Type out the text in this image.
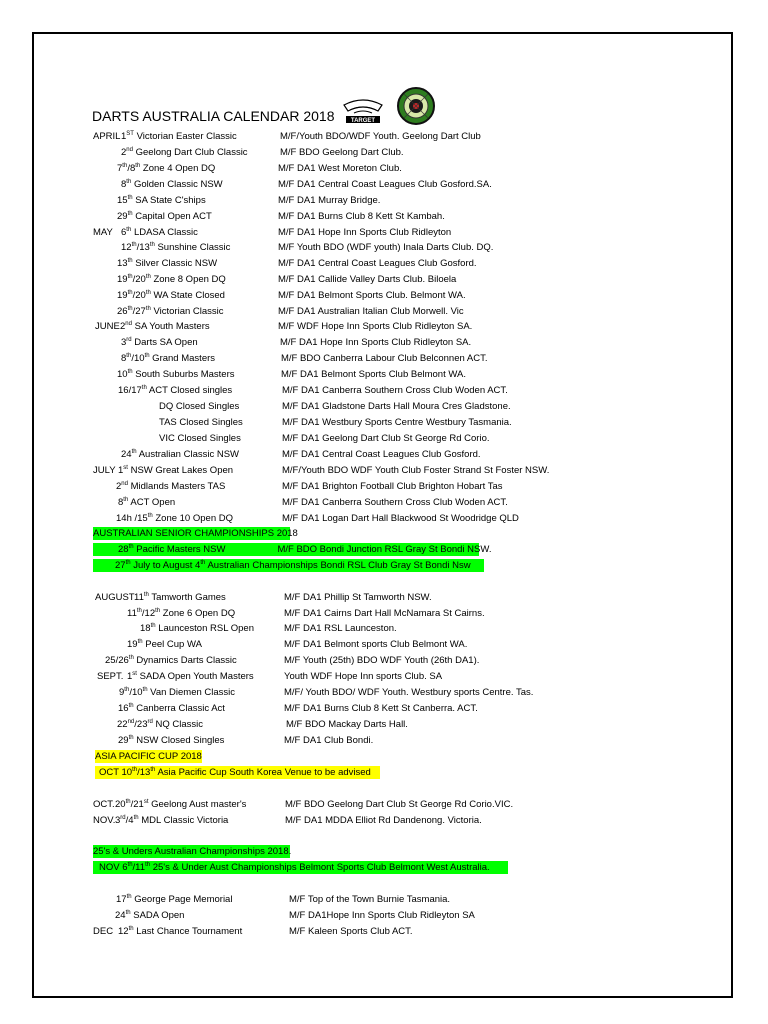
DARTS AUSTRALIA CALENDAR 2018	TARGET
APRIL 1ST Victorian Easter Classic	M/F/Youth BDO/WDF Youth. Geelong Dart Club
2nd Geelong Dart Club Classic	M/F BDO Geelong Dart Club.
7th/8th Zone 4 Open DQ	M/F DA1 West Moreton Club.
8th Golden Classic NSW	M/F DA1 Central Coast Leagues Club Gosford.SA.
15th SA State C'ships	M/F DA1 Murray Bridge.
29th Capital Open ACT	M/F DA1 Burns Club 8 Kett St Kambah.
MAY 6th LDASA Classic	M/F DA1 Hope Inn Sports Club Ridleyton
12th/13th Sunshine Classic	M/F Youth BDO (WDF youth) Inala Darts Club. DQ.
13th Silver Classic NSW	M/F DA1 Central Coast Leagues Club Gosford.
19th/20th Zone 8 Open DQ	M/F DA1 Callide Valley Darts Club. Biloela
19th/20th WA State Closed	M/F DA1 Belmont Sports Club. Belmont WA.
26th/27th Victorian Classic	M/F DA1 Australian Italian Club Morwell. Vic
JUNE 2nd SA Youth Masters	M/F WDF Hope Inn Sports Club Ridleyton SA.
3rd Darts SA Open	M/F DA1 Hope Inn Sports Club Ridleyton SA.
8th/10th Grand Masters	M/F BDO Canberra Labour Club Belconnen ACT.
10th South Suburbs Masters	M/F DA1 Belmont Sports Club Belmont WA.
16/17th ACT Closed singles	M/F DA1 Canberra Southern Cross Club Woden ACT.
DQ Closed Singles	M/F DA1 Gladstone Darts Hall Moura Cres Gladstone.
TAS Closed Singles	M/F DA1 Westbury Sports Centre Westbury Tasmania.
VIC Closed Singles	M/F DA1 Geelong Dart Club St George Rd Corio.
24th Australian Classic NSW	M/F DA1 Central Coast Leagues Club Gosford.
JULY 1st NSW Great Lakes Open	M/F/Youth BDO WDF Youth Club Foster Strand St Foster NSW.
2nd Midlands Masters TAS	M/F DA1 Brighton Football Club Brighton Hobart Tas
8th ACT Open	M/F DA1 Canberra Southern Cross Club Woden ACT.
14h /15th Zone 10 Open DQ	M/F DA1 Logan Dart Hall Blackwood St Woodridge QLD
AUSTRALIAN SENIOR CHAMPIONSHIPS 2018
28th Pacific Masters NSW	M/F BDO Bondi Junction RSL Gray St Bondi NSW.
27th July to August 4th Australian Championships Bondi RSL Club Gray St Bondi Nsw
AUGUST 11th Tamworth Games	M/F DA1 Phillip St Tamworth NSW.
11th/12th Zone 6 Open DQ	M/F DA1 Cairns Dart Hall McNamara St Cairns.
18th Launceston RSL Open	M/F DA1 RSL Launceston.
19th Peel Cup WA	M/F DA1 Belmont sports Club Belmont WA.
25/26th Dynamics Darts Classic	M/F Youth (25th) BDO WDF Youth (26th DA1).
SEPT. 1st SADA Open Youth Masters	Youth WDF Hope Inn sports Club. SA
9th/10th Van Diemen Classic	M/F/ Youth BDO/ WDF Youth. Westbury sports Centre. Tas.
16th Canberra Classic Act	M/F DA1 Burns Club 8 Kett St Canberra. ACT.
22nd/23rd NQ Classic	M/F BDO Mackay Darts Hall.
29th NSW Closed Singles	M/F DA1 Club Bondi.
ASIA PACIFIC CUP 2018
OCT 10th/13th Asia Pacific Cup South Korea Venue to be advised
OCT. 20th/21st Geelong Aust master's	M/F BDO Geelong Dart Club St George Rd Corio.VIC.
NOV. 3rd/4th MDL Classic Victoria	M/F DA1 MDDA Elliot Rd Dandenong. Victoria.
25's & Unders Australian Championships 2018.
NOV 6th/11th 25's & Under Aust Championships Belmont Sports Club Belmont West Australia.
17th George Page Memorial	M/F Top of the Town Burnie Tasmania.
24th SADA Open	M/F DA1Hope Inn Sports Club Ridleyton SA
DEC 12th Last Chance Tournament	M/F Kaleen Sports Club ACT.
